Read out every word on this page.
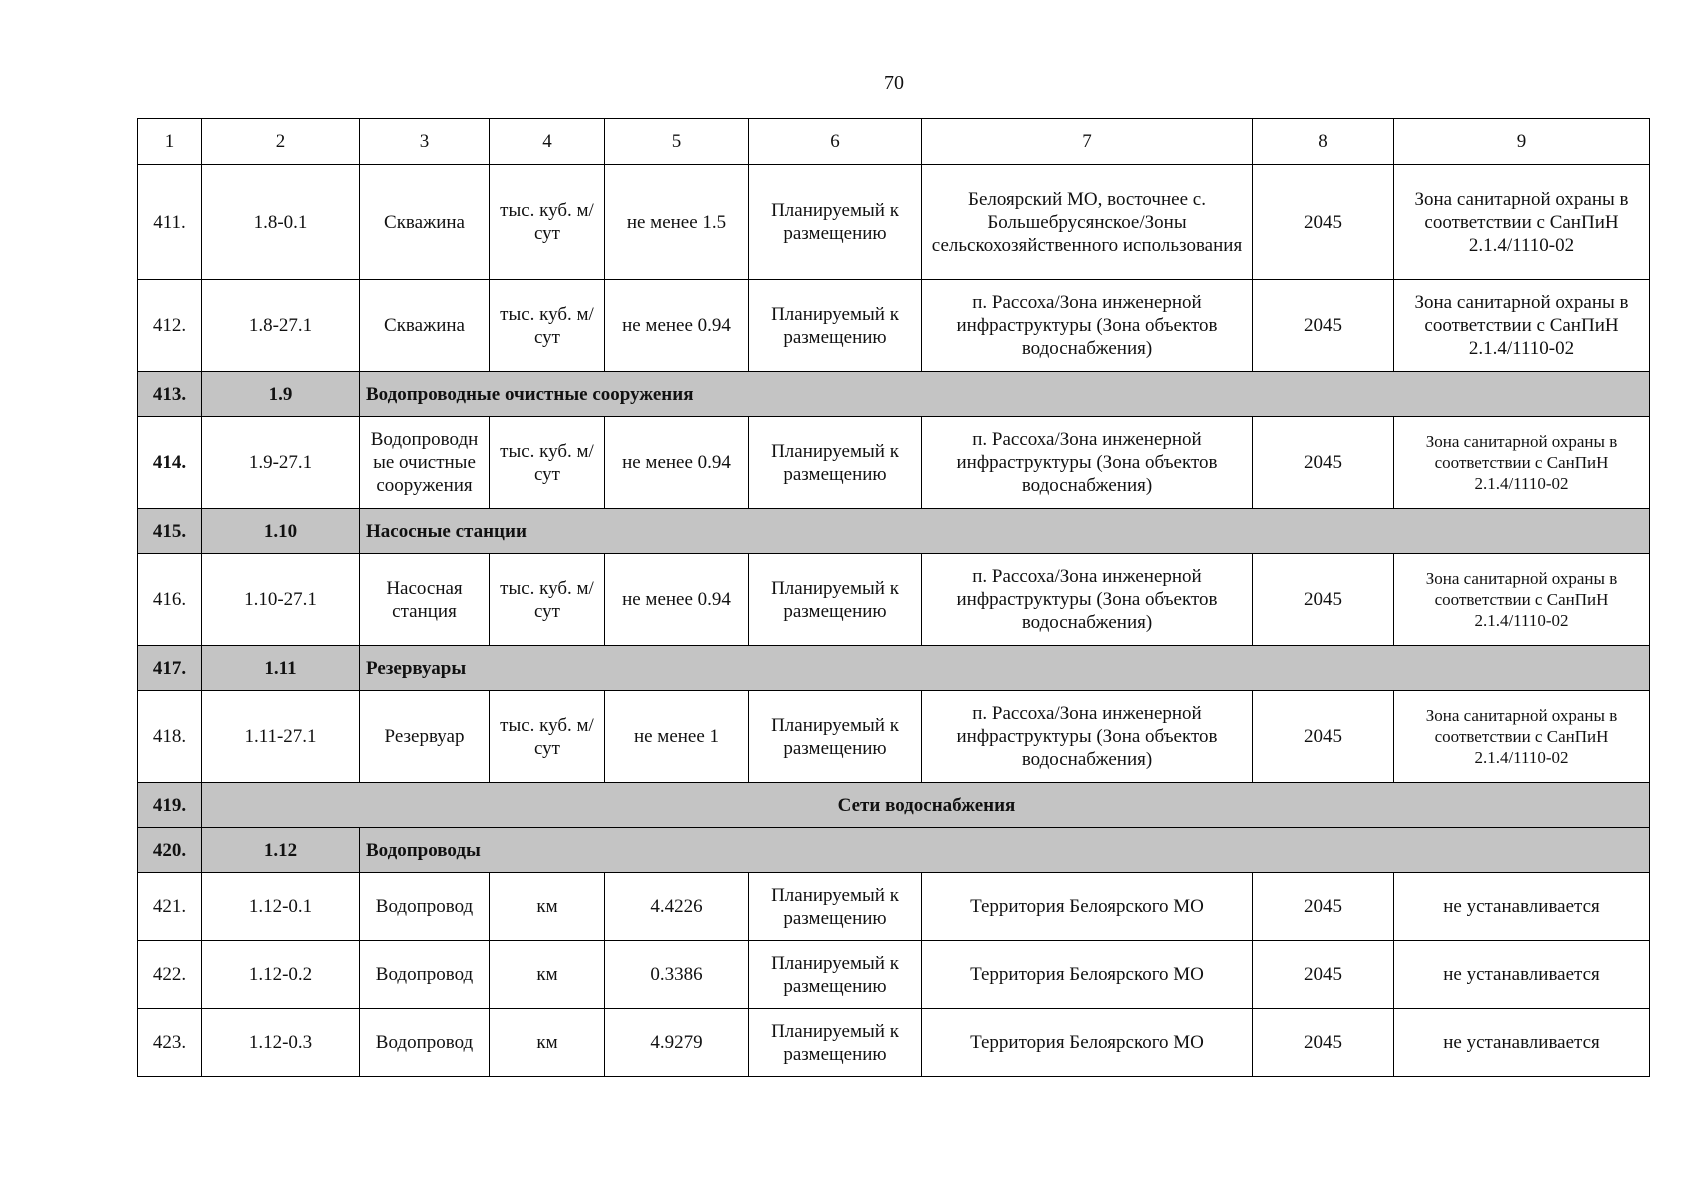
70
1	2	3	4	5	6	7	8	9
411.	1.8-0.1	Скважина	тыс. куб. м/сут	не менее 1.5	Планируемый к размещению	Белоярский МО, восточнее с. Большебрусянское/Зоны сельскохозяйственного использования	2045	Зона санитарной охраны в соответствии с СанПиН 2.1.4/1110-02
412.	1.8-27.1	Скважина	тыс. куб. м/сут	не менее 0.94	Планируемый к размещению	п. Рассоха/Зона инженерной инфраструктуры (Зона объектов водоснабжения)	2045	Зона санитарной охраны в соответствии с СанПиН 2.1.4/1110-02
413.	1.9	Водопроводные очистные сооружения						
414.	1.9-27.1	Водопроводн ые очистные сооружения	тыс. куб. м/сут	не менее 0.94	Планируемый к размещению	п. Рассоха/Зона инженерной инфраструктуры (Зона объектов водоснабжения)	2045	Зона санитарной охраны в соответствии с СанПиН 2.1.4/1110-02
415.	1.10	Насосные станции						
416.	1.10-27.1	Насосная станция	тыс. куб. м/сут	не менее 0.94	Планируемый к размещению	п. Рассоха/Зона инженерной инфраструктуры (Зона объектов водоснабжения)	2045	Зона санитарной охраны в соответствии с СанПиН 2.1.4/1110-02
417.	1.11	Резервуары						
418.	1.11-27.1	Резервуар	тыс. куб. м/сут	не менее 1	Планируемый к размещению	п. Рассоха/Зона инженерной инфраструктуры (Зона объектов водоснабжения)	2045	Зона санитарной охраны в соответствии с СанПиН 2.1.4/1110-02
419.	Сети водоснабжения							
420.	1.12	Водопроводы						
421.	1.12-0.1	Водопровод	км	4.4226	Планируемый к размещению	Территория Белоярского МО	2045	не устанавливается
422.	1.12-0.2	Водопровод	км	0.3386	Планируемый к размещению	Территория Белоярского МО	2045	не устанавливается
423.	1.12-0.3	Водопровод	км	4.9279	Планируемый к размещению	Территория Белоярского МО	2045	не устанавливается
